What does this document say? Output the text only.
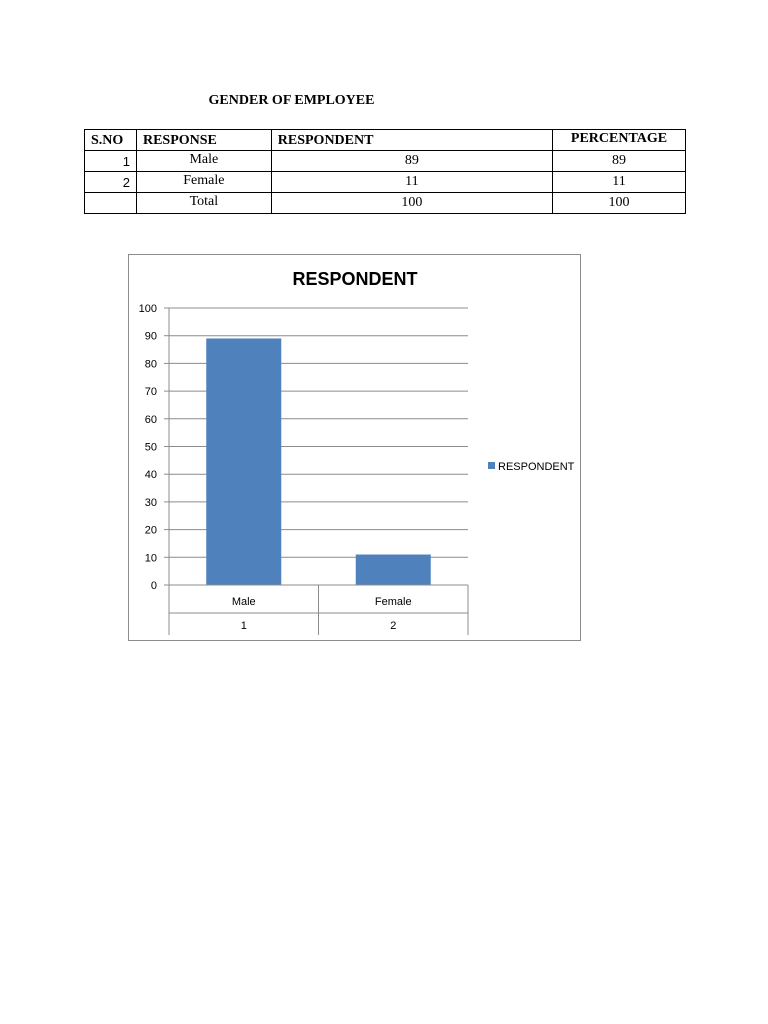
GENDER OF EMPLOYEE
S.NO	RESPONSE	RESPONDENT	PERCENTAGE
1	Male	89	89
2	Female	11	11
	Total	100	100
RESPONDENT
0
10
20
30
40
50
60
70
80
90
100
Male
1
Female
2
RESPONDENT
